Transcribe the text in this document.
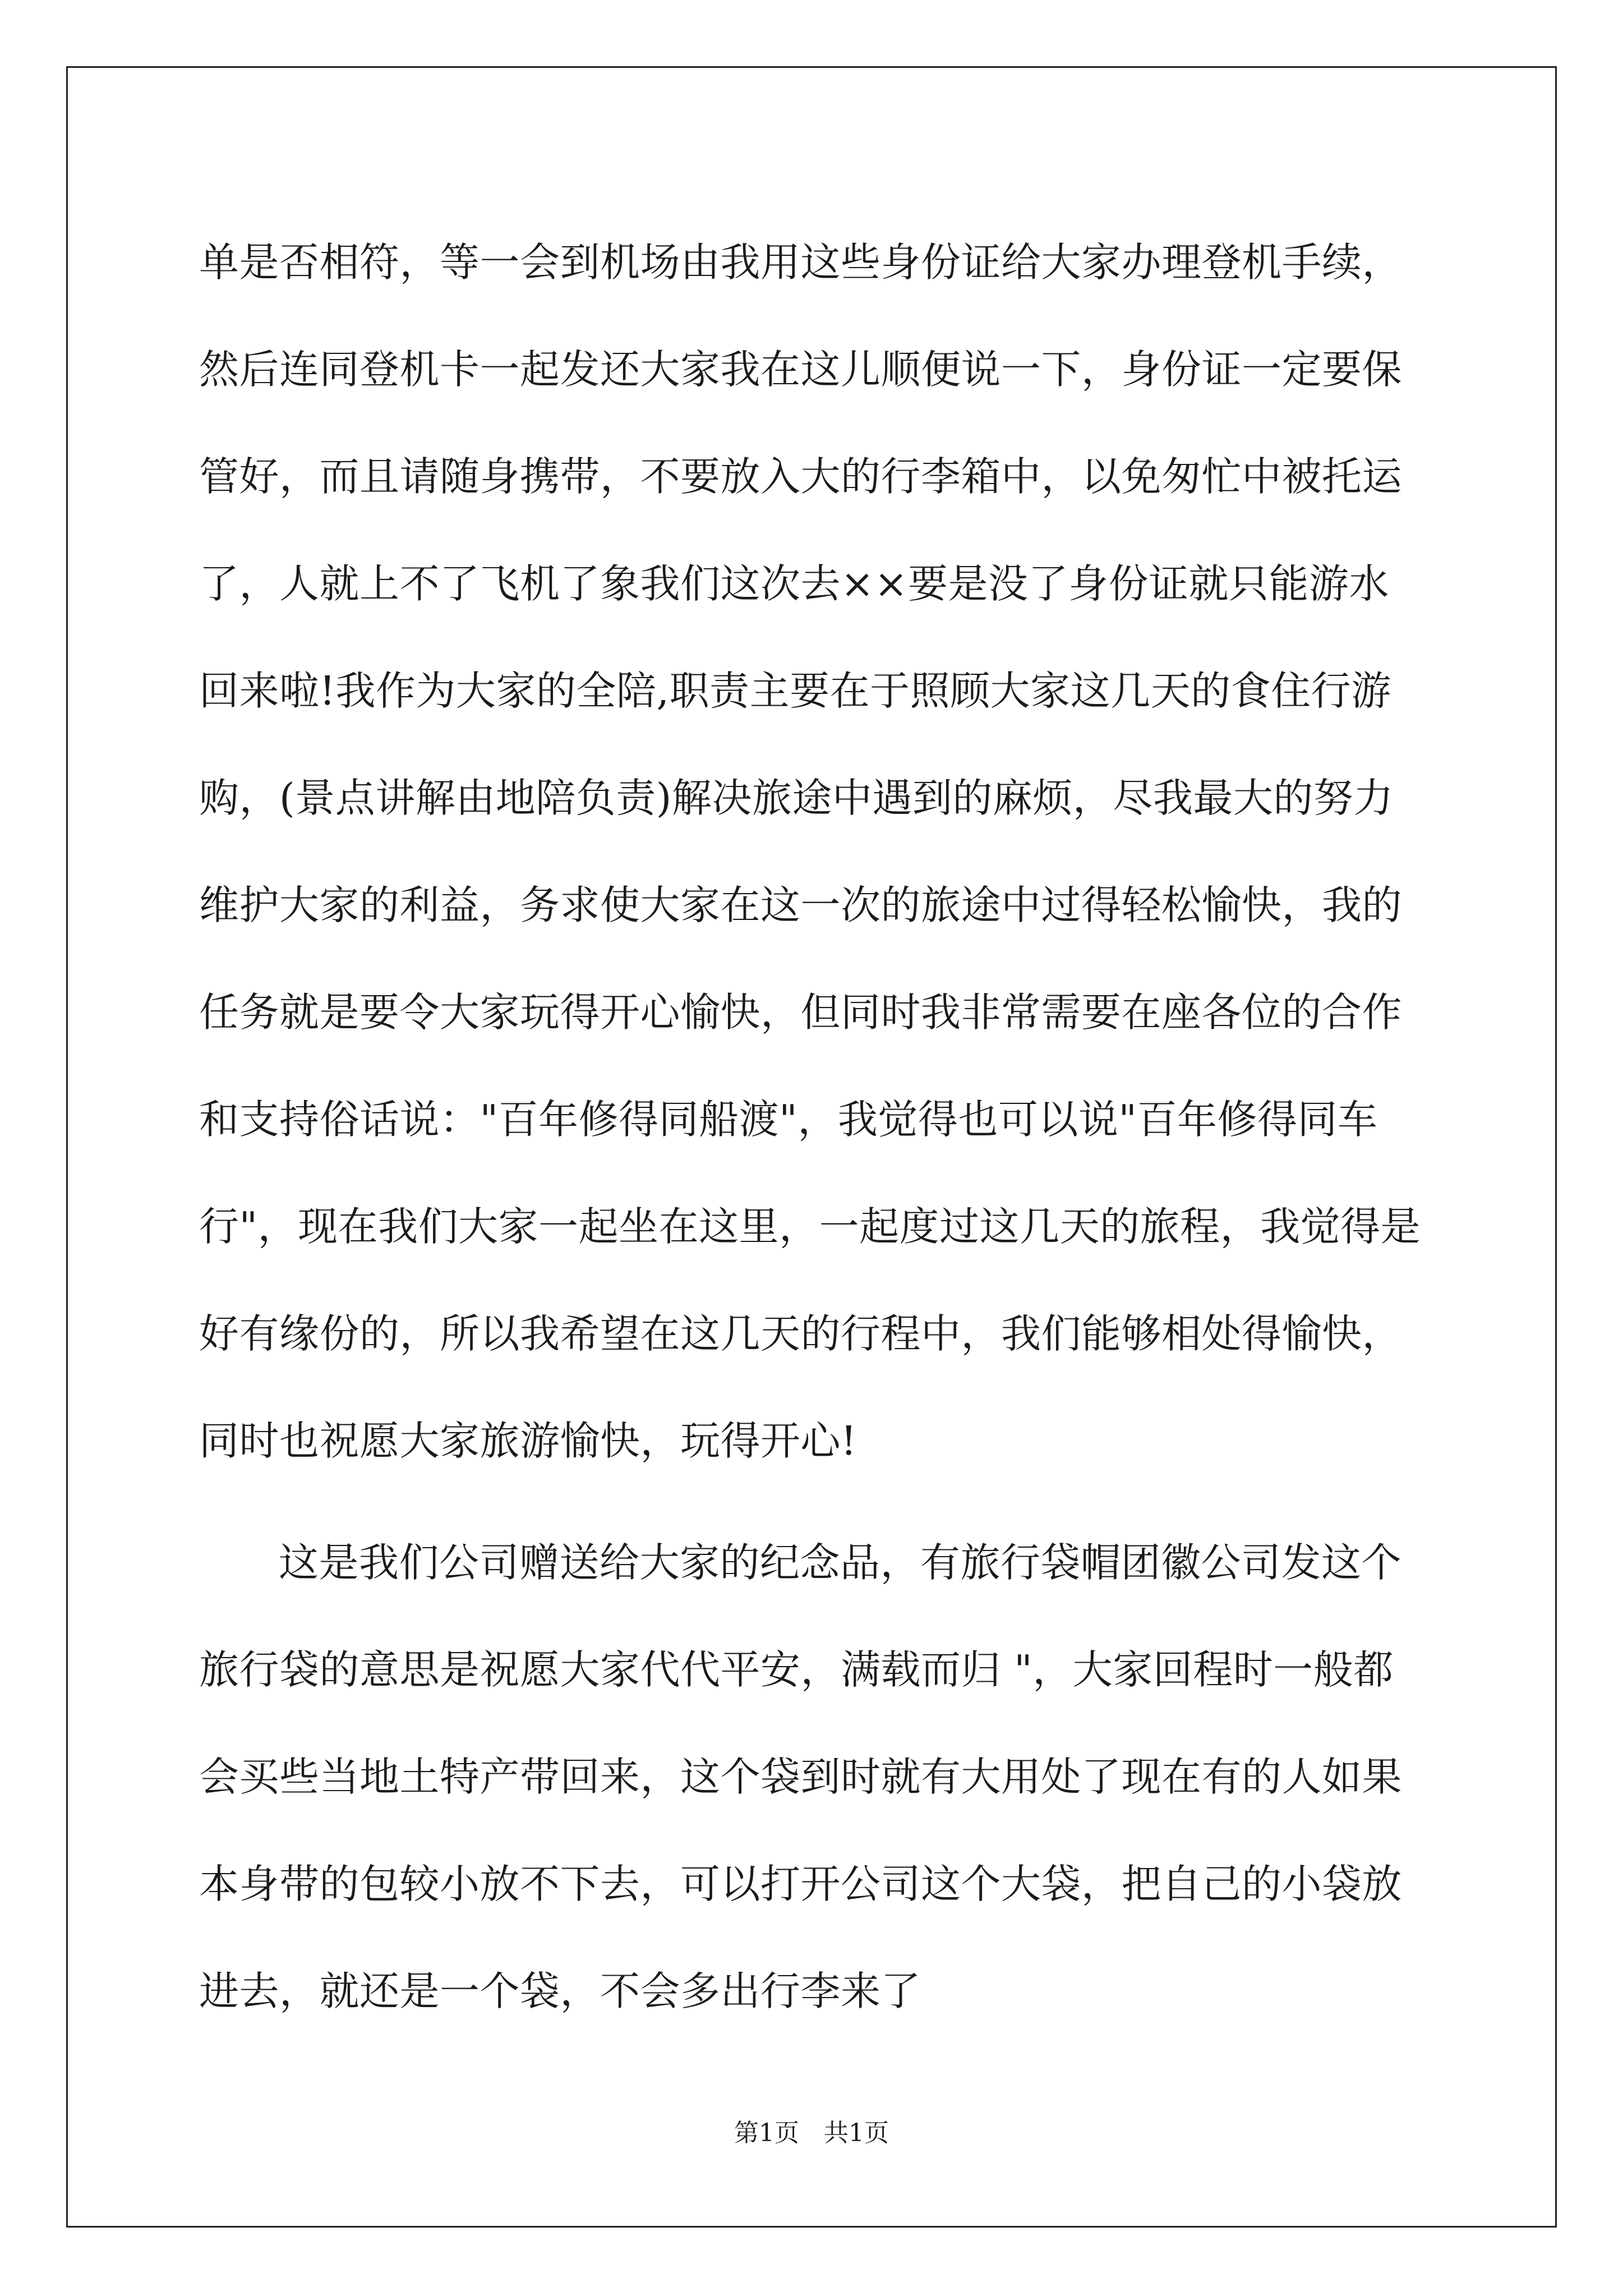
单是否相符，等一会到机场由我用这些身份证给大家办理登机手续，
然后连同登机卡一起发还大家我在这儿顺便说一下，身份证一定要保
管好，而且请随身携带，不要放入大的行李箱中，以免匆忙中被托运
了，人就上不了飞机了象我们这次去××要是没了身份证就只能游水
回来啦!我作为大家的全陪,职责主要在于照顾大家这几天的食住行游
购，(景点讲解由地陪负责)解决旅途中遇到的麻烦，尽我最大的努力
维护大家的利益，务求使大家在这一次的旅途中过得轻松愉快，我的
任务就是要令大家玩得开心愉快，但同时我非常需要在座各位的合作
和支持俗话说："百年修得同船渡"，我觉得也可以说"百年修得同车
行"，现在我们大家一起坐在这里，一起度过这几天的旅程，我觉得是
好有缘份的，所以我希望在这几天的行程中，我们能够相处得愉快，
同时也祝愿大家旅游愉快，玩得开心!
这是我们公司赠送给大家的纪念品，有旅行袋帽团徽公司发这个
旅行袋的意思是祝愿大家代代平安，满载而归 "，大家回程时一般都
会买些当地土特产带回来，这个袋到时就有大用处了现在有的人如果
本身带的包较小放不下去，可以打开公司这个大袋，把自己的小袋放
进去，就还是一个袋，不会多出行李来了
第1页 共1页
